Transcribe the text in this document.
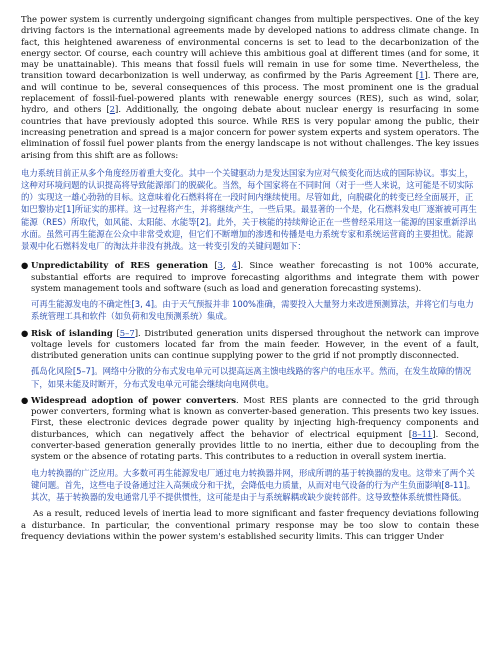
The power system is currently undergoing significant changes from multiple perspectives. One of the key driving factors is the international agreements made by developed nations to address climate change. In fact, this heightened awareness of environmental concerns is set to lead to the decarbonization of the energy sector. Of course, each country will achieve this ambitious goal at different times (and for some, it may be unattainable). This means that fossil fuels will remain in use for some time. Nevertheless, the transition toward decarbonization is well underway, as confirmed by the Paris Agreement [1]. There are, and will continue to be, several consequences of this process. The most prominent one is the gradual replacement of fossil-fuel-powered plants with renewable energy sources (RES), such as wind, solar, hydro, and others [2]. Additionally, the ongoing debate about nuclear energy is resurfacing in some countries that have previously adopted this source. While RES is very popular among the public, their increasing penetration and spread is a major concern for power system experts and system operators. The elimination of fossil fuel power plants from the energy landscape is not without challenges. The key issues arising from this shift are as follows:

电力系统目前正从多个角度经历着重大变化。其中一个关键驱动力是发达国家为应对气候变化而达成的国际协议。事实上，这种对环境问题的认识提高将导致能源部门的脱碳化。当然，每个国家将在不同时间（对于一些人来说，这可能是不切实际的）实现这一雄心勃勃的目标。这意味着化石燃料将在一段时间内继续使用。尽管如此，向脱碳化的转变已经全面展开，正如巴黎协定[1]所证实的那样。这一过程将产生，并将继续产生，一些后果。最显著的一个是，化石燃料发电厂逐渐被可再生能源（RES）所取代，如风能、太阳能、水能等[2]。此外，关于核能的持续辩论正在一些曾经采用这一能源的国家重新浮出水面。虽然可再生能源在公众中非常受欢迎，但它们不断增加的渗透和传播是电力系统专家和系统运营商的主要担忧。能源景观中化石燃料发电厂的淘汰并非没有挑战。这一转变引发的关键问题如下：

● Unpredictability of RES generation [3, 4]. Since weather forecasting is not 100% accurate, substantial efforts are required to improve forecasting algorithms and integrate them with power system management tools and software (such as load and generation forecasting systems).

可再生能源发电的不确定性[3, 4]。由于天气预报并非 100%准确，需要投入大量努力来改进预测算法，并将它们与电力系统管理工具和软件（如负荷和发电预测系统）集成。

● Risk of islanding [5–7]. Distributed generation units dispersed throughout the network can improve voltage levels for customers located far from the main feeder. However, in the event of a fault, distributed generation units can continue supplying power to the grid if not promptly disconnected.

孤岛化风险[5–7]。网络中分散的分布式发电单元可以提高远离主馈电线路的客户的电压水平。然而，在发生故障的情况下，如果未能及时断开，分布式发电单元可能会继续向电网供电。

● Widespread adoption of power converters. Most RES plants are connected to the grid through power converters, forming what is known as converter-based generation. This presents two key issues. First, these electronic devices degrade power quality by injecting high-frequency components and disturbances, which can negatively affect the behavior of electrical equipment [8–11]. Second, converter-based generation generally provides little to no inertia, either due to decoupling from the system or the absence of rotating parts. This contributes to a reduction in overall system inertia.

电力转换器的广泛应用。大多数可再生能源发电厂通过电力转换器并网，形成所谓的基于转换器的发电。这带来了两个关键问题。首先，这些电子设备通过注入高频成分和干扰，会降低电力质量，从而对电气设备的行为产生负面影响[8-11]。其次，基于转换器的发电通常几乎不提供惯性，这可能是由于与系统解耦或缺少旋转部件。这导致整体系统惯性降低。

As a result, reduced levels of inertia lead to more significant and faster frequency deviations following a disturbance. In particular, the conventional primary response may be too slow to contain these frequency deviations within the power system's established security limits. This can trigger Under
